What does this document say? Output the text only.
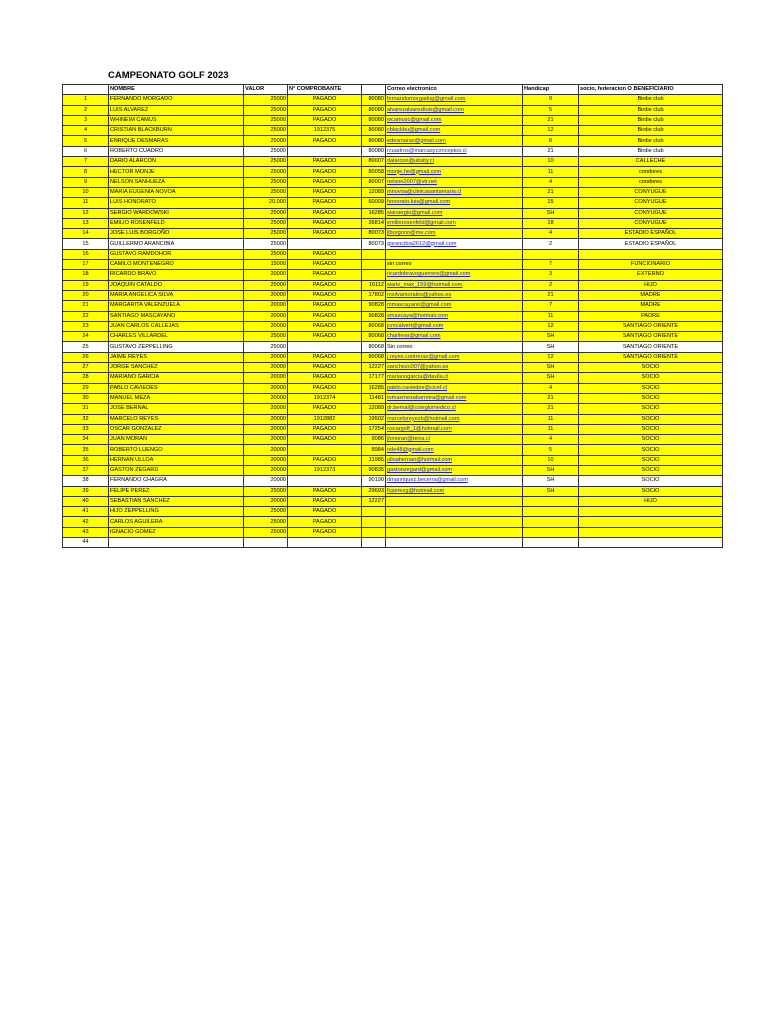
CAMPEONATO GOLF 2023
	NOMBRE	VALOR	N° COMPROBANTE		Correo electronico	Handicap	socio, federacion O BENEFICIARIO
1	FERNANDO MORGADO	25000	PAGADO	80080	fernandomorgadog@gmail.com	9	Birdie club
2	LUIS ALVAREZ	25000	PAGADO	80080	alvarezalvarezlluis@gmail.com	5	Birdie club
3	WHINEIM CAMUS	25000	PAGADO	80080	wcamusc@gmail.com	21	Birdie club
4	CRISTIAN BLACKBURN	25000	1912375	80080	cblackbu@gmail.com	12	Birdie club
5	ENRIQUE DESMARAS	25000	PAGADO	80080	edesmaras@gmail.com	8	Birdie club
6	ROBERTO CUADRO	25000		80080	rcuadros@marcasyconceptos.cl	21	Birdie club
7	DARIO ALARCON	25000	PAGADO	80007	dalarcon@ubsity.cl	10	CALLECHE
8	HECTOR MONJE	25000	PAGADO	80058	monje.he@gmail.com	11	condores
9	NELSON SANHUEZA	25000	PAGADO	80007	nelson2007@vtr.net	4	condores
10	MARIA EUGENIA NOVOA	25000	PAGADO	12089	mnovoa@clinicasantamaria.cl	21	CONYUGUE
11	LUIS HONORATO	20.000	PAGADO	60009	honorato.luis@gmail.com	15	CONYUGUE
12	SERGIO WARDOWSKI	25000	PAGADO	16285	warsergio@gmail.com	SH	CONYUGUE
13	EMILIO ROSENFELD	25000	PAGADO	26814	emiliorosenfeld@gmail.com	18	CONYUGUE
14	JOSE LUIS BORGOÑO	25000	PAGADO	80073	jlborgono@me.com	4	ESTADIO ESPAÑOL
15	GUILLERMO ARANCIBIA	25000		80073	garancibia2612@gmail.com	2	ESTADIO ESPAÑOL
16	GUSTAVO RAMDOHOR	25000	PAGADO				
17	CAMILO MONTENEGRO	15000	PAGADO		sin correo	7	FUNCIONARIO
18	RICARDO BRAVO	20000	PAGADO		ricardobravoguerrero@gmail.com	3	EXTERNO
19	JOAQUIN CATALDO	25000	PAGADO	16112	wario_max_159@hotmail.com	2	HIJO
20	MARIA ANGELICA SILVA	20000	PAGADO	17802	msilvamorales@yahoo.es	21	MADRE
21	MARGARITA VALENZUELA	20000	PAGADO	90828	mmascayano@gmail.com	7	MADRE
22	SANTIAGO MASCAYANO	20000	PAGADO	90828	smascaya@hotmail.com	11	PADRE
23	JUAN CARLOS CALLEJAS	20000	PAGADO	80068	jcmcalvert@gmail.com	12	SANTIAGO ORIENTE
24	CHARLES VILLARDEL	25000	PAGADO	80068	charlieva@gmail.com	SH	SANTIAGO ORIENTE
25	GUSTAVO ZEPPELLING	25000		80068	Sin correo	SH	SANTIAGO ORIENTE
26	JAIME REYES	20000	PAGADO	80068	j.reyes.contreras@gmail.com	12	SANTIAGO ORIENTE
27	JORGE SANCHEZ	20000	PAGADO	12227	sanchezc007@yahoo.es	SH	SOCIO
28	MARIANO GARCIA	20000	PAGADO	17177	marianogarcia@davila.cl	SH	SOCIO
29	PABLO CAVIEDES	20000	PAGADO	16285	pablo.caviedes@cicef.cl	4	SOCIO
30	MANUEL MEZA	20000	1912374	11481	tomasmezabarreira@gmail.com	21	SOCIO
31	JOSE BERNAL	20000	PAGADO	12089	dr.bernal@colegiomedico.cl	21	SOCIO
32	MARCELO REYES	20000	1912882	19502	marceloreyesb@hotmail.com	11	SOCIO
33	OSCAR GONZALEZ	20000	PAGADO	17254	oscargolf_1@hotmail.com	11	SOCIO
34	JUAN MORAN	20000	PAGADO	9086	jhmoran@terra.cl	4	SOCIO
35	ROBERTO LUENGO	20000		8984	rele48@gmail.com	5	SOCIO
36	HERNAN ULLOA	20000	PAGADO	11985	ulloahernan@hotmail.com	10	SOCIO
37	GASTON ZEGARD	20000	1912373	90835	gastonzegard@gmail.com	SH	SOCIO
38	FERNANDO CHAGRA	20000		90190	dmanriquez.becerra@gmail.com	SH	SOCIO
39	FELIPE PEREZ	25000	PAGADO	29693	fcperezg@hotmail.com	SH	SOCIO
40	SEBASTIAN SANCHEZ	20000	PAGADO	12227			HIJO
41	HIJO ZEPPELLING	25000	PAGADO				
42	CARLOS AGUILERA	25000	PAGADO				
43	IGNACIO GOMEZ	25000	PAGADO				
44							
